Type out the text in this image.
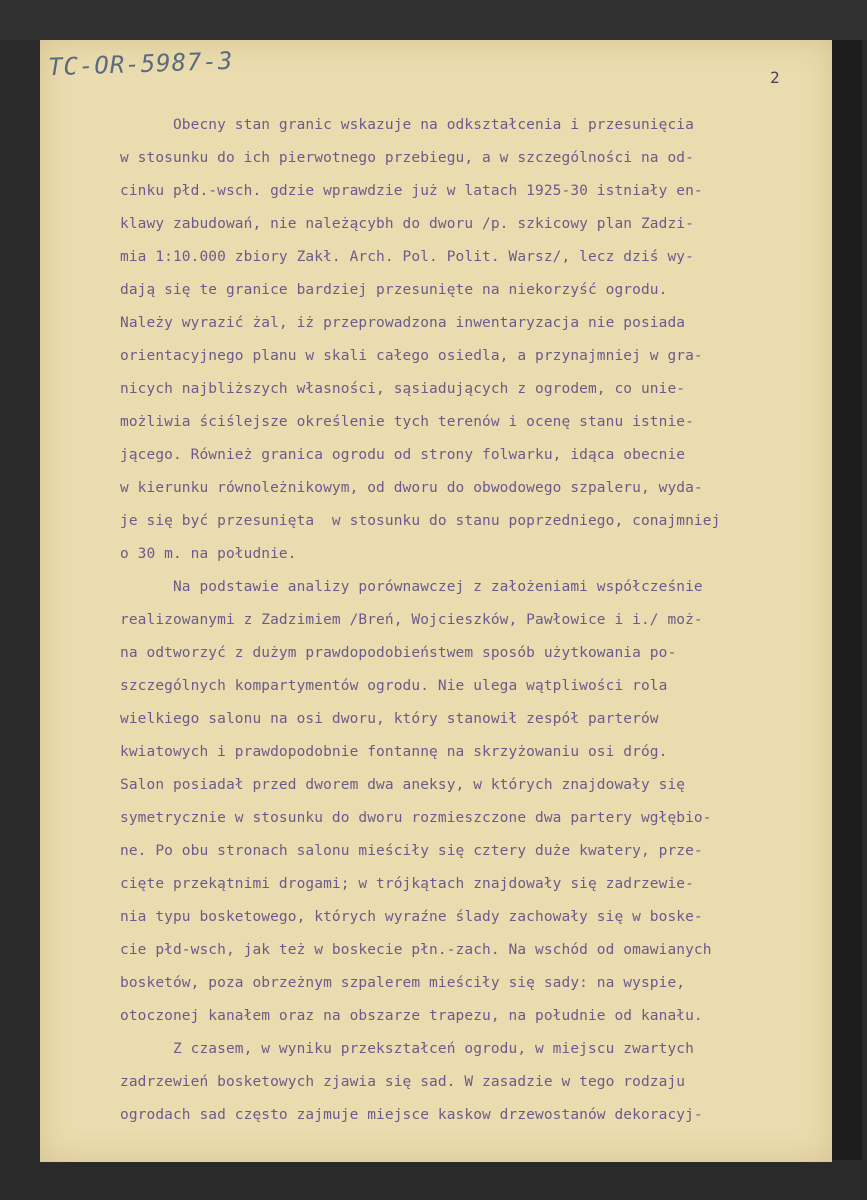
TC-OR-5987-3	2
Obecny stan granic wskazuje na odkształcenia i przesunięcia
w stosunku do ich pierwotnego przebiegu, a w szczególności na od-
cinku płd.-wsch. gdzie wprawdzie już w latach 1925-30 istniały en-
klawy zabudowań, nie należącybh do dworu /p. szkicowy plan Zadzi-
mia 1:10.000 zbiory Zakł. Arch. Pol. Polit. Warsz/, lecz dziś wy-
dają się te granice bardziej przesunięte na niekorzyść ogrodu.
Należy wyrazić żal, iż przeprowadzona inwentaryzacja nie posiada
orientacyjnego planu w skali całego osiedla, a przynajmniej w gra-
nicych najbliższych własności, sąsiadujących z ogrodem, co unie-
możliwia ściślejsze określenie tych terenów i ocenę stanu istnie-
jącego. Również granica ogrodu od strony folwarku, idąca obecnie
w kierunku równoleżnikowym, od dworu do obwodowego szpaleru, wyda-
je się być przesunięta  w stosunku do stanu poprzedniego, conajmniej
o 30 m. na południe.
Na podstawie analizy porównawczej z założeniami współcześnie
realizowanymi z Zadzimiem /Breń, Wojcieszków, Pawłowice i i./ moż-
na odtworzyć z dużym prawdopodobieństwem sposób użytkowania po-
szczególnych kompartymentów ogrodu. Nie ulega wątpliwości rola
wielkiego salonu na osi dworu, który stanowił zespół parterów
kwiatowych i prawdopodobnie fontannę na skrzyżowaniu osi dróg.
Salon posiadał przed dworem dwa aneksy, w których znajdowały się
symetrycznie w stosunku do dworu rozmieszczone dwa partery wgłębio-
ne. Po obu stronach salonu mieściły się cztery duże kwatery, prze-
cięte przekątnimi drogami; w trójkątach znajdowały się zadrzewie-
nia typu bosketowego, których wyraźne ślady zachowały się w boske-
cie płd-wsch, jak też w boskecie płn.-zach. Na wschód od omawianych
bosketów, poza obrzeżnym szpalerem mieściły się sady: na wyspie,
otoczonej kanałem oraz na obszarze trapezu, na południe od kanału.
Z czasem, w wyniku przekształceń ogrodu, w miejscu zwartych
zadrzewień bosketowych zjawia się sad. W zasadzie w tego rodzaju
ogrodach sad często zajmuje miejsce kaskow drzewostanów dekoracyj-
